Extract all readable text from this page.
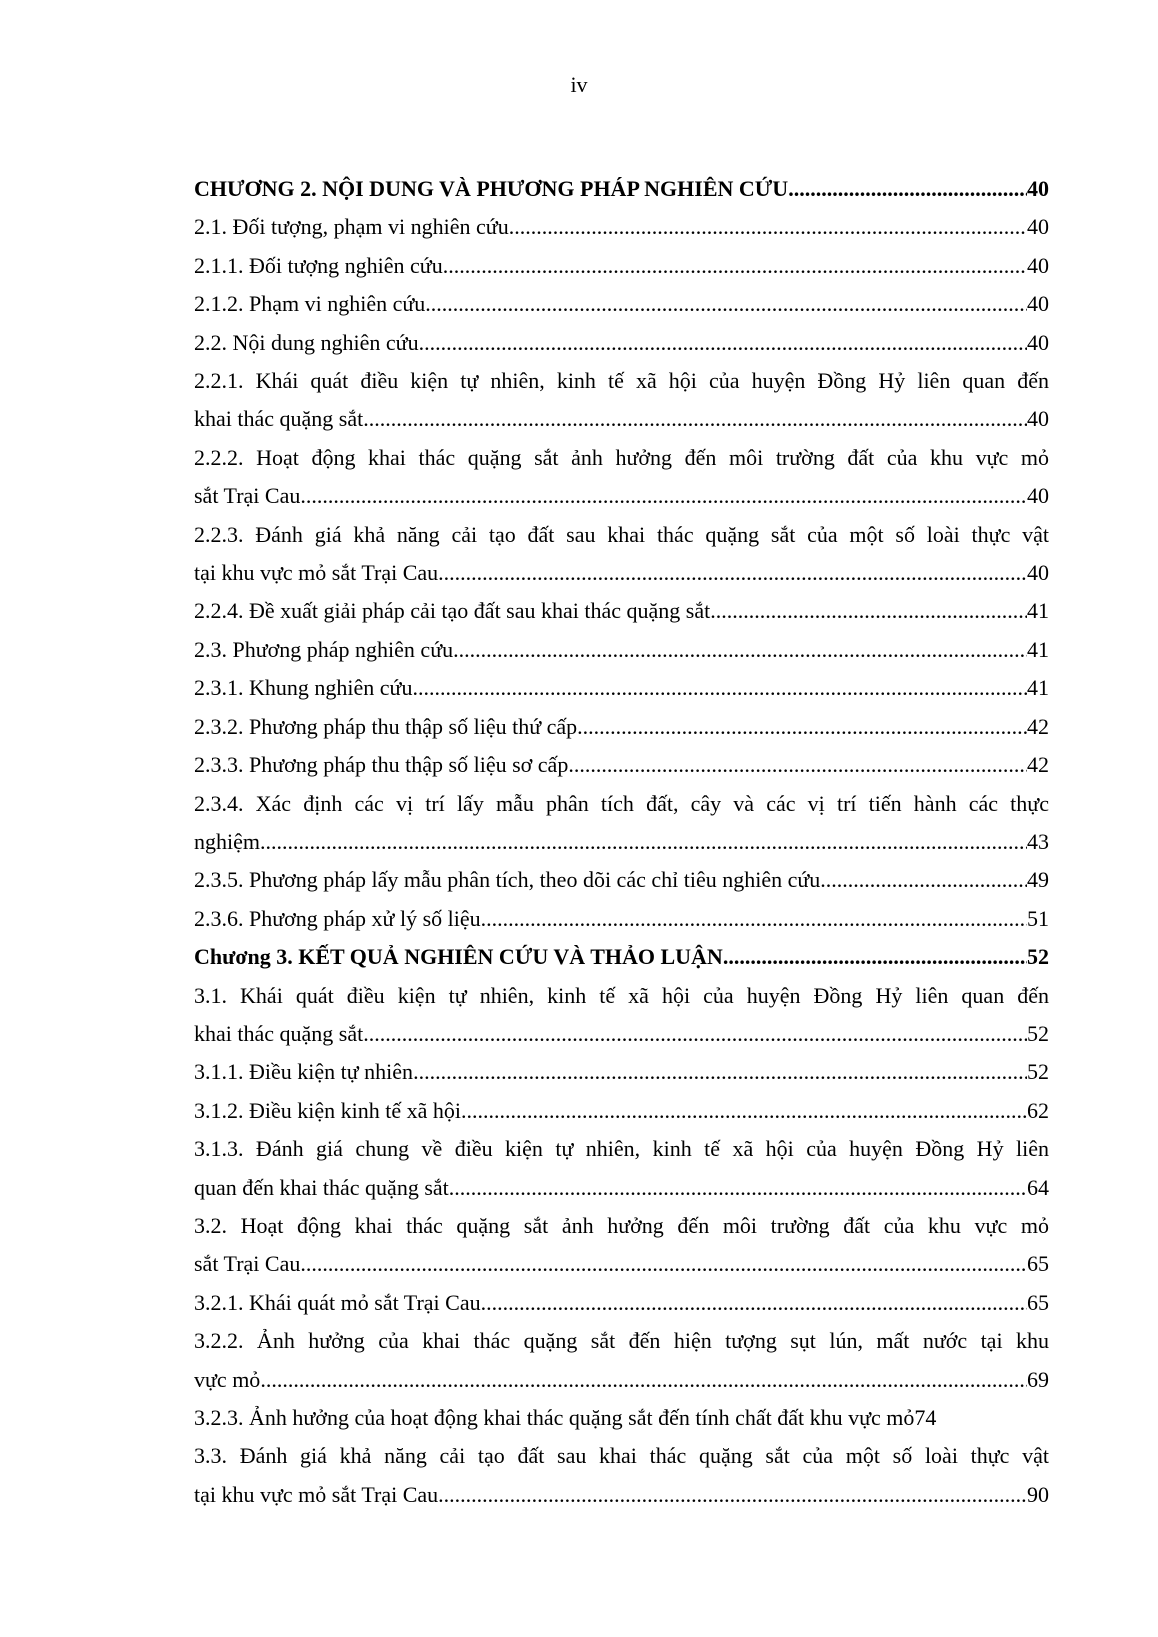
iv
CHƯƠNG 2. NỘI DUNG VÀ PHƯƠNG PHÁP NGHIÊN CỨU .....	40
2.1. Đối tượng, phạm vi nghiên cứu .....	40
2.1.1. Đối tượng nghiên cứu .....	40
2.1.2. Phạm vi nghiên cứu .....	40
2.2. Nội dung nghiên cứu .....	40
2.2.1. Khái quát điều kiện tự nhiên, kinh tế xã hội của huyện Đồng Hỷ liên quan đến
khai thác quặng sắt .....	40
2.2.2. Hoạt động khai thác quặng sắt ảnh hưởng đến môi trường đất của khu vực mỏ
sắt Trại Cau .....	40
2.2.3. Đánh giá khả năng cải tạo đất sau khai thác quặng sắt của một số loài thực vật
tại khu vực mỏ sắt Trại Cau .....	40
2.2.4. Đề xuất giải pháp cải tạo đất sau khai thác quặng sắt .....	41
2.3. Phương pháp nghiên cứu .....	41
2.3.1. Khung nghiên cứu .....	41
2.3.2. Phương pháp thu thập số liệu thứ cấp .....	42
2.3.3. Phương pháp thu thập số liệu sơ cấp .....	42
2.3.4. Xác định các vị trí lấy mẫu phân tích đất, cây và các vị trí tiến hành các thực
nghiệm .....	43
2.3.5. Phương pháp lấy mẫu phân tích, theo dõi các chỉ tiêu nghiên cứu .....	49
2.3.6. Phương pháp xử lý số liệu .....	51
Chương 3. KẾT QUẢ NGHIÊN CỨU VÀ THẢO LUẬN .....	52
3.1. Khái quát điều kiện tự nhiên, kinh tế xã hội của huyện Đồng Hỷ liên quan đến
khai thác quặng sắt .....	52
3.1.1. Điều kiện tự nhiên .....	52
3.1.2. Điều kiện kinh tế xã hội .....	62
3.1.3. Đánh giá chung về điều kiện tự nhiên, kinh tế xã hội của huyện Đồng Hỷ liên
quan đến khai thác quặng sắt .....	64
3.2. Hoạt động khai thác quặng sắt ảnh hưởng đến môi trường đất của khu vực mỏ
sắt Trại Cau .....	65
3.2.1. Khái quát mỏ sắt Trại Cau .....	65
3.2.2. Ảnh hưởng của khai thác quặng sắt đến hiện tượng sụt lún, mất nước tại khu
vực mỏ .....	69
3.2.3. Ảnh hưởng của hoạt động khai thác quặng sắt đến tính chất đất khu vực mỏ 74
3.3. Đánh giá khả năng cải tạo đất sau khai thác quặng sắt của một số loài thực vật
tại khu vực mỏ sắt Trại Cau .....	90
